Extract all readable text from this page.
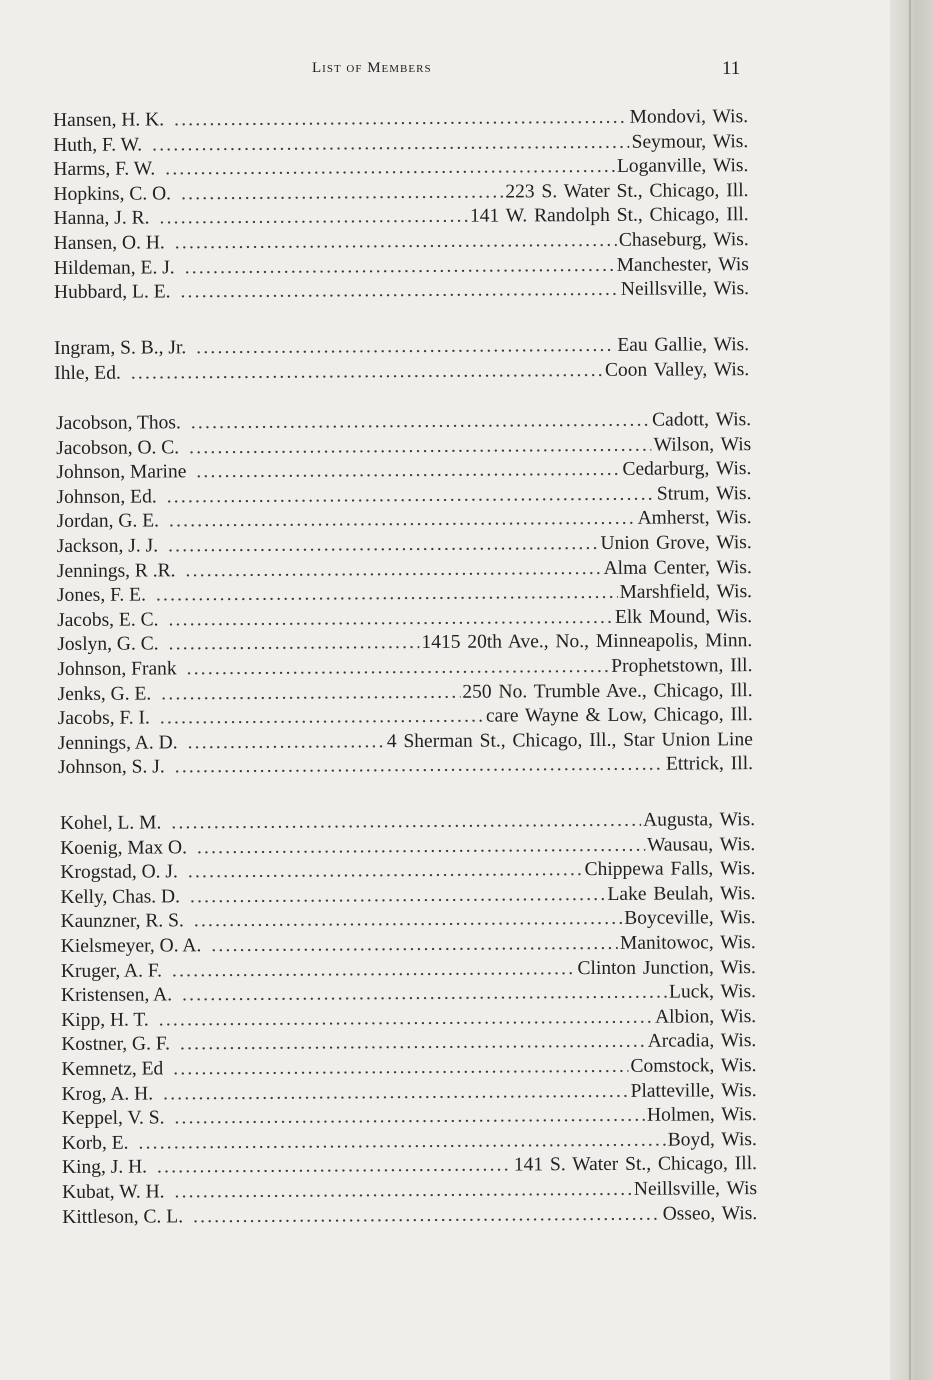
List of Members	11
Hansen, H. K. .....	Mondovi, Wis.
Huth, F. W. .....	Seymour, Wis.
Harms, F. W. .....	Loganville, Wis.
Hopkins, C. O. .....	223 S. Water St., Chicago, Ill.
Hanna, J. R. .....	141 W. Randolph St., Chicago, Ill.
Hansen, O. H. .....	Chaseburg, Wis.
Hildeman, E. J. .....	Manchester, Wis
Hubbard, L. E. .....	Neillsville, Wis.
Ingram, S. B., Jr. .....	Eau Gallie, Wis.
Ihle, Ed. .....	Coon Valley, Wis.
Jacobson, Thos. .....	Cadott, Wis.
Jacobson, O. C. .....	Wilson, Wis
Johnson, Marine .....	Cedarburg, Wis.
Johnson, Ed. .....	Strum, Wis.
Jordan, G. E. .....	Amherst, Wis.
Jackson, J. J. .....	Union Grove, Wis.
Jennings, R .R. .....	Alma Center, Wis.
Jones, F. E. .....	Marshfield, Wis.
Jacobs, E. C. .....	Elk Mound, Wis.
Joslyn, G. C. .....	1415 20th Ave., No., Minneapolis, Minn.
Johnson, Frank .....	Prophetstown, Ill.
Jenks, G. E. .....	250 No. Trumble Ave., Chicago, Ill.
Jacobs, F. I. .....	care Wayne & Low, Chicago, Ill.
Jennings, A. D. .....	4 Sherman St., Chicago, Ill., Star Union Line
Johnson, S. J. .....	Ettrick, Ill.
Kohel, L. M. .....	Augusta, Wis.
Koenig, Max O. .....	Wausau, Wis.
Krogstad, O. J. .....	Chippewa Falls, Wis.
Kelly, Chas. D. .....	Lake Beulah, Wis.
Kaunzner, R. S. .....	Boyceville, Wis.
Kielsmeyer, O. A. .....	Manitowoc, Wis.
Kruger, A. F. .....	Clinton Junction, Wis.
Kristensen, A. .....	Luck, Wis.
Kipp, H. T. .....	Albion, Wis.
Kostner, G. F. .....	Arcadia, Wis.
Kemnetz, Ed .....	Comstock, Wis.
Krog, A. H. .....	Platteville, Wis.
Keppel, V. S. .....	Holmen, Wis.
Korb, E. .....	Boyd, Wis.
King, J. H. .....	141 S. Water St., Chicago, Ill.
Kubat, W. H. .....	Neillsville, Wis
Kittleson, C. L. .....	Osseo, Wis.
